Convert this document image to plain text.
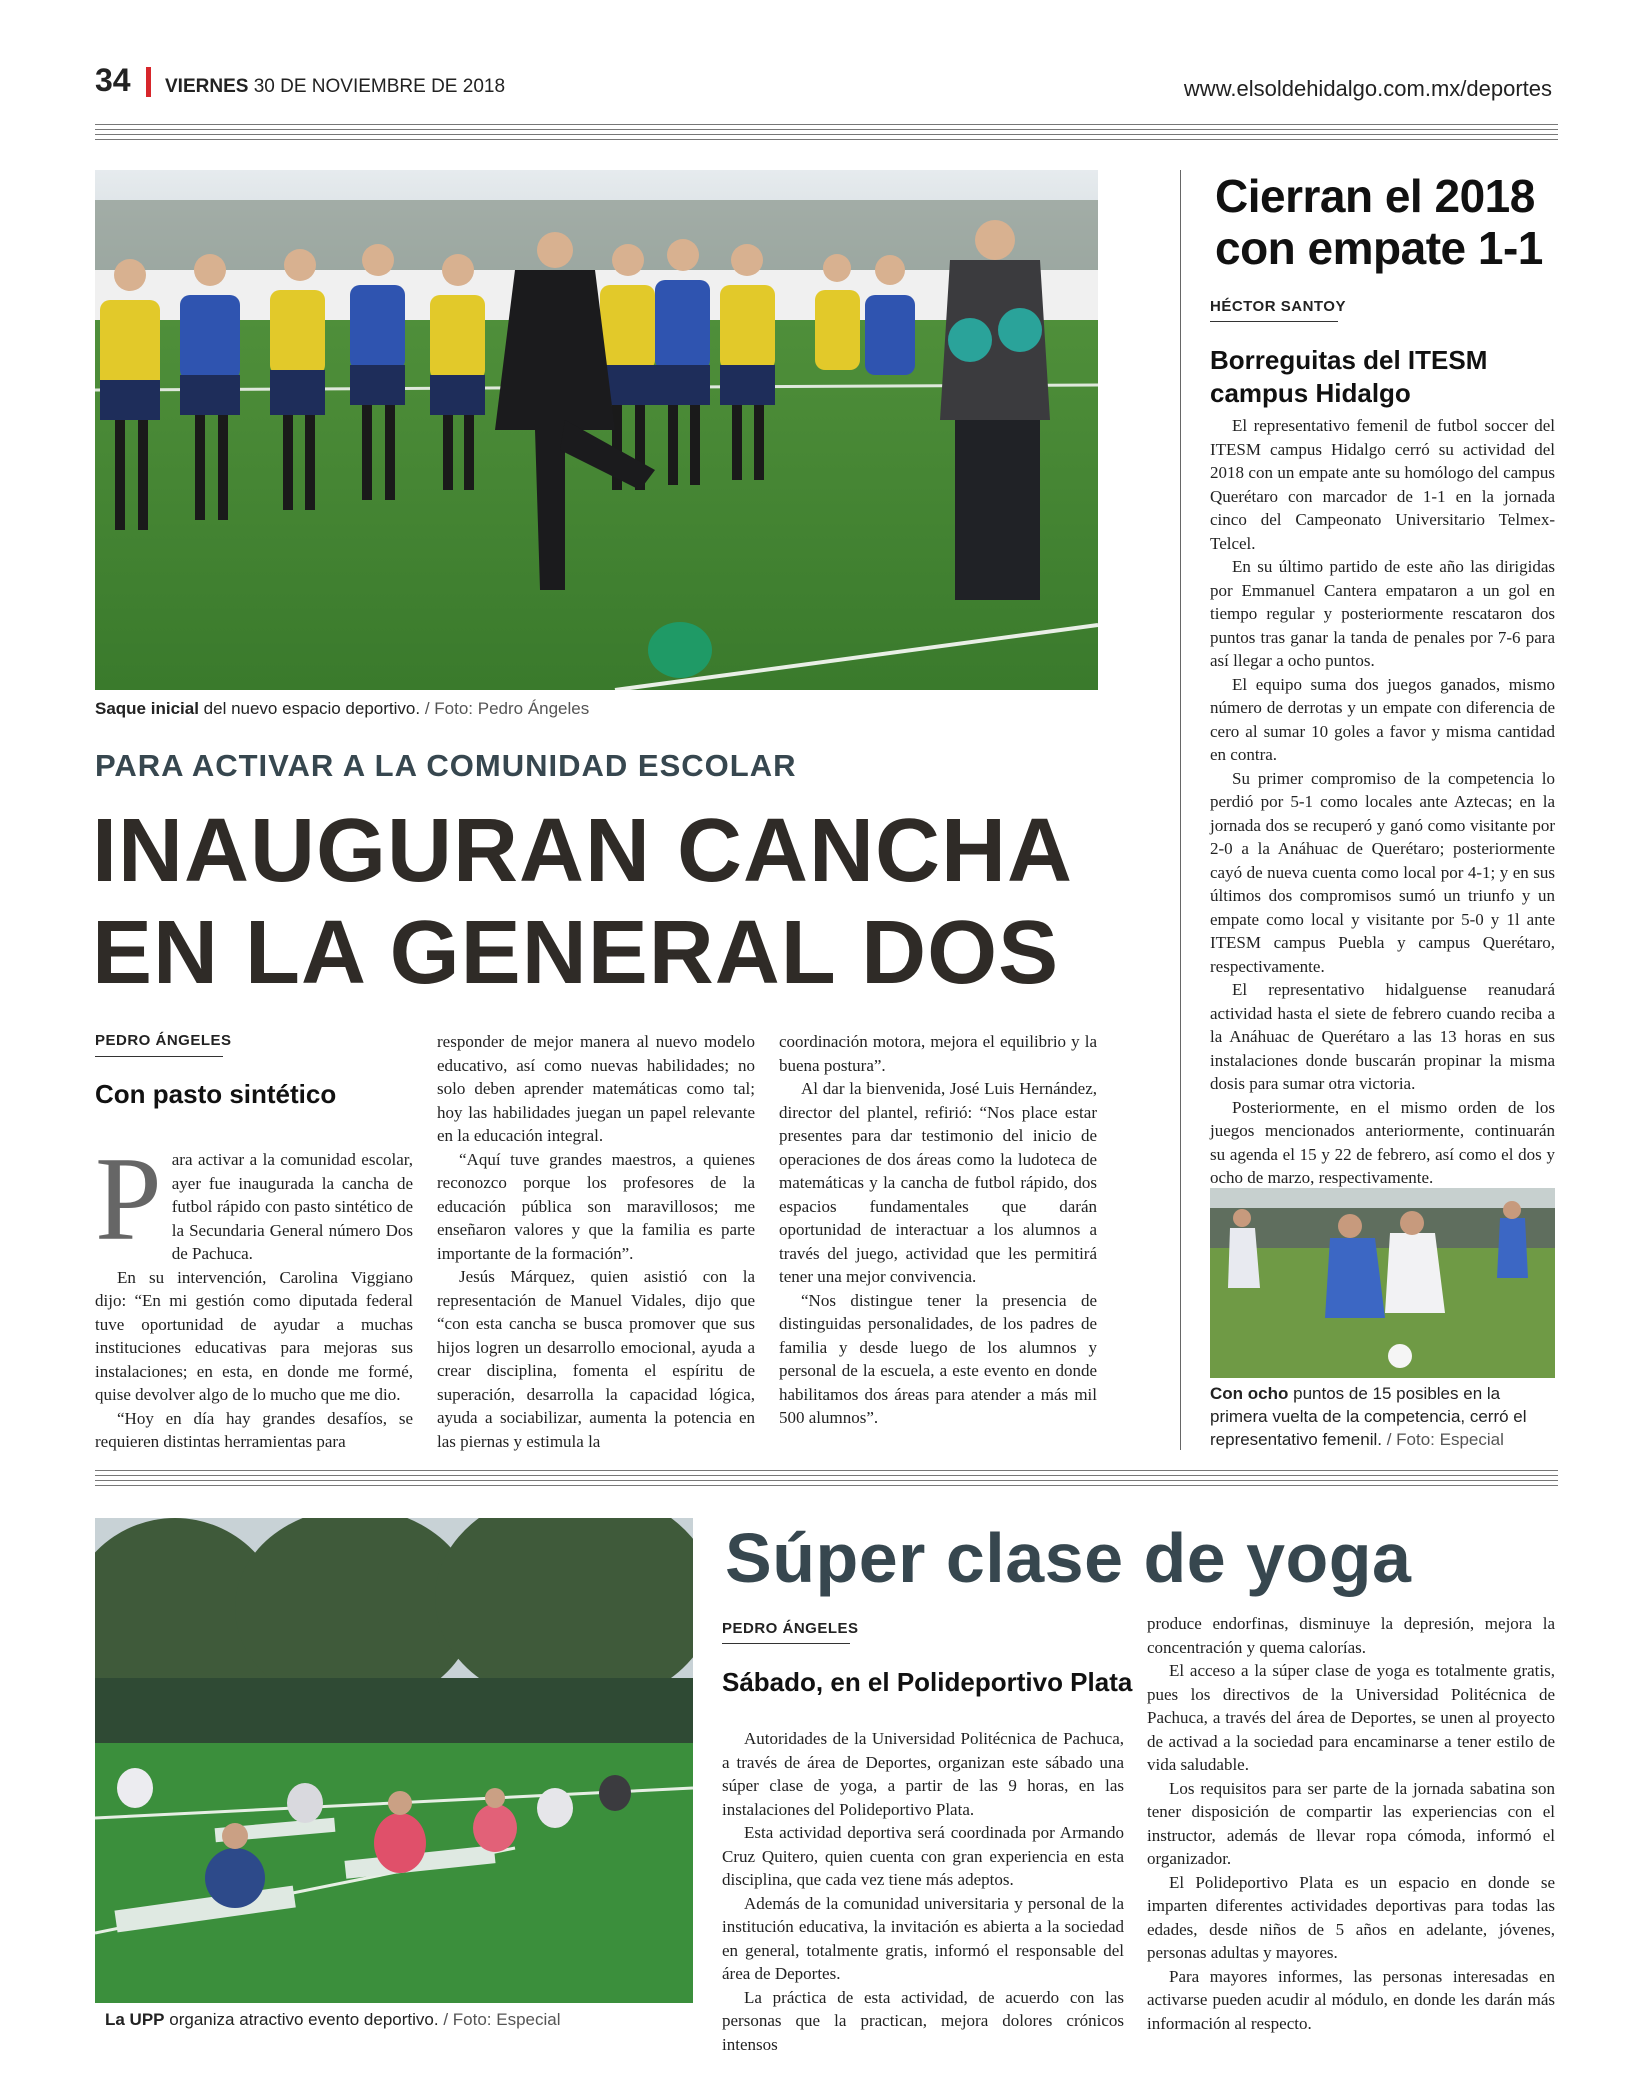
34 VIERNES 30 DE NOVIEMBRE DE 2018	www.elsoldehidalgo.com.mx/deportes
Saque inicial del nuevo espacio deportivo. / Foto: Pedro Ángeles
PARA ACTIVAR A LA COMUNIDAD ESCOLAR
INAUGURAN CANCHA
EN LA GENERAL DOS
PEDRO ÁNGELES
Con pasto sintético

Para activar a la comunidad escolar, ayer fue inaugurada la cancha de futbol rápido con pasto sintético de la Secundaria General número Dos de Pachuca.

En su intervención, Carolina Viggiano dijo: “En mi gestión como diputada federal tuve oportunidad de ayudar a muchas instituciones educativas para mejoras sus instalaciones; en esta, en donde me formé, quise devolver algo de lo mucho que me dio.

“Hoy en día hay grandes desafíos, se requieren distintas herramientas para

responder de mejor manera al nuevo modelo educativo, así como nuevas habilidades; no solo deben aprender matemáticas como tal; hoy las habilidades juegan un papel relevante en la educación integral.

“Aquí tuve grandes maestros, a quienes reconozco porque los profesores de la educación pública son maravillosos; me enseñaron valores y que la familia es parte importante de la formación”.

Jesús Márquez, quien asistió con la representación de Manuel Vidales, dijo que “con esta cancha se busca promover que sus hijos logren un desarrollo emocional, ayuda a crear disciplina, fomenta el espíritu de superación, desarrolla la capacidad lógica, ayuda a sociabilizar, aumenta la potencia en las piernas y estimula la

coordinación motora, mejora el equilibrio y la buena postura”.

Al dar la bienvenida, José Luis Hernández, director del plantel, refirió: “Nos place estar presentes para dar testimonio del inicio de operaciones de dos áreas como la ludoteca de matemáticas y la cancha de futbol rápido, dos espacios fundamentales que darán oportunidad de interactuar a los alumnos a través del juego, actividad que les permitirá tener una mejor convivencia.

“Nos distingue tener la presencia de distinguidas personalidades, de los padres de familia y desde luego de los alumnos y personal de la escuela, a este evento en donde habilitamos dos áreas para atender a más mil 500 alumnos”.

Cierran el 2018
con empate 1-1
HÉCTOR SANTOY
Borreguitas del ITESM
campus Hidalgo

El representativo femenil de futbol soccer del ITESM campus Hidalgo cerró su actividad del 2018 con un empate ante su homólogo del campus Querétaro con marcador de 1-1 en la jornada cinco del Campeonato Universitario Telmex-Telcel.

En su último partido de este año las dirigidas por Emmanuel Cantera empataron a un gol en tiempo regular y posteriormente rescataron dos puntos tras ganar la tanda de penales por 7-6 para así llegar a ocho puntos.

El equipo suma dos juegos ganados, mismo número de derrotas y un empate con diferencia de cero al sumar 10 goles a favor y misma cantidad en contra.

Su primer compromiso de la competencia lo perdió por 5-1 como locales ante Aztecas; en la jornada dos se recuperó y ganó como visitante por 2-0 a la Anáhuac de Querétaro; posteriormente cayó de nueva cuenta como local por 4-1; y en sus últimos dos compromisos sumó un triunfo y un empate como local y visitante por 5-0 y 1l ante ITESM campus Puebla y campus Querétaro, respectivamente.

El representativo hidalguense reanudará actividad hasta el siete de febrero cuando reciba a la Anáhuac de Querétaro a las 13 horas en sus instalaciones donde buscarán propinar la misma dosis para sumar otra victoria.

Posteriormente, en el mismo orden de los juegos mencionados anteriormente, continuarán su agenda el 15 y 22 de febrero, así como el dos y ocho de marzo, respectivamente.

Con ocho puntos de 15 posibles en la primera vuelta de la competencia, cerró el representativo femenil. / Foto: Especial
La UPP organiza atractivo evento deportivo. / Foto: Especial
Súper clase de yoga
PEDRO ÁNGELES
Sábado, en el Polideportivo Plata

Autoridades de la Universidad Politécnica de Pachuca, a través de área de Deportes, organizan este sábado una súper clase de yoga, a partir de las 9 horas, en las instalaciones del Polideportivo Plata.

Esta actividad deportiva será coordinada por Armando Cruz Quitero, quien cuenta con gran experiencia en esta disciplina, que cada vez tiene más adeptos.

Además de la comunidad universitaria y personal de la institución educativa, la invitación es abierta a la sociedad en general, totalmente gratis, informó el responsable del área de Deportes.

La práctica de esta actividad, de acuerdo con las personas que la practican, mejora dolores crónicos intensos

produce endorfinas, disminuye la depresión, mejora la concentración y quema calorías.

El acceso a la súper clase de yoga es totalmente gratis, pues los directivos de la Universidad Politécnica de Pachuca, a través del área de Deportes, se unen al proyecto de activad a la sociedad para encaminarse a tener estilo de vida saludable.

Los requisitos para ser parte de la jornada sabatina son tener disposición de compartir las experiencias con el instructor, además de llevar ropa cómoda, informó el organizador.

El Polideportivo Plata es un espacio en donde se imparten diferentes actividades deportivas para todas las edades, desde niños de 5 años en adelante, jóvenes, personas adultas y mayores.

Para mayores informes, las personas interesadas en activarse pueden acudir al módulo, en donde les darán más información al respecto.
